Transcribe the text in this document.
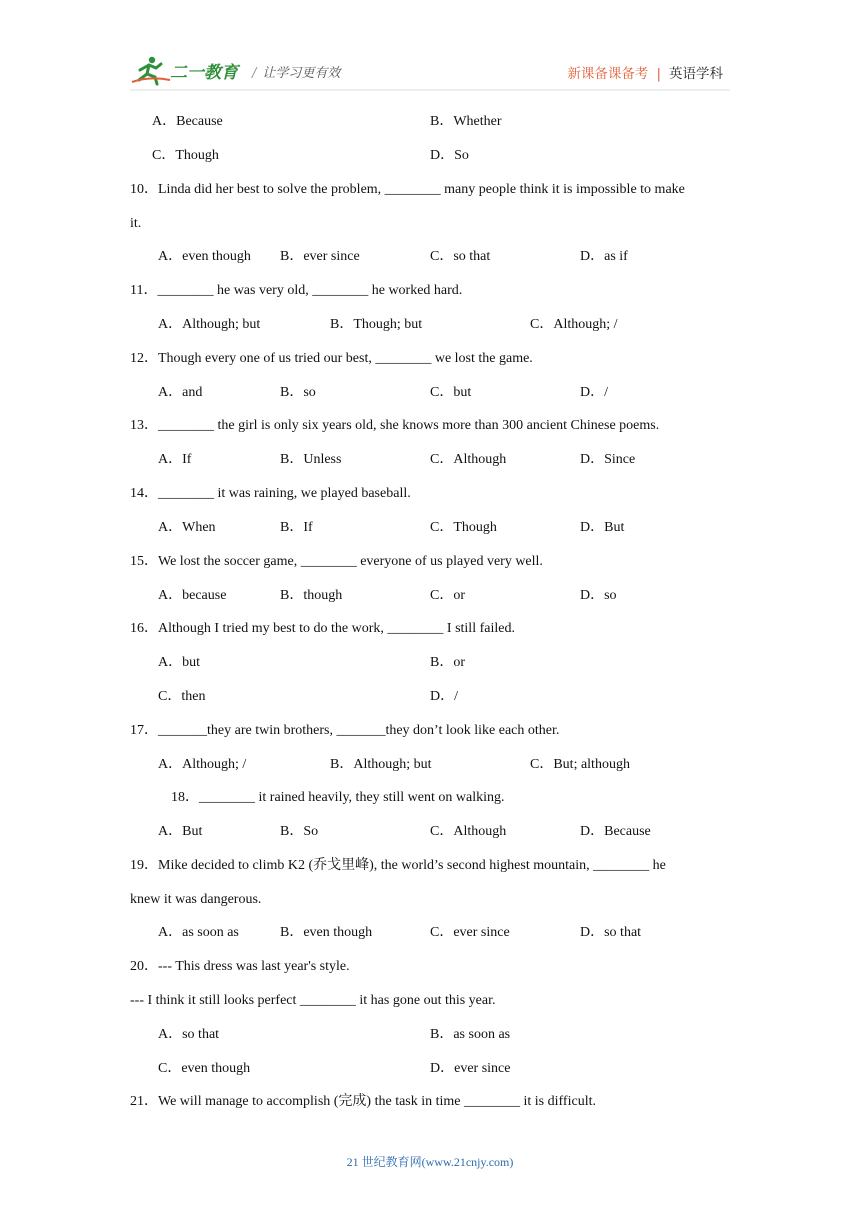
二一教育 / 让学习更有效	新课备课备考 | 英语学科
A．Because	B．Whether
C．Though	D．So
10．Linda did her best to solve the problem, ________ many people think it is impossible to make
it.
A．even though B．ever since	C．so that	D．as if
11．________ he was very old, ________ he worked hard.
A．Although; but	B．Though; but	C．Although; /
12．Though every one of us tried our best, ________ we lost the game.
A．and	B．so	C．but	D．/
13．________ the girl is only six years old, she knows more than 300 ancient Chinese poems.
A．If	B．Unless	C．Although	D．Since
14．________ it was raining, we played baseball.
A．When	B．If	C．Though	D．But
15．We lost the soccer game, ________ everyone of us played very well.
A．because	B．though	C．or	D．so
16．Although I tried my best to do the work, ________ I still failed.
A．but	B．or
C．then	D．/
17．_______they are twin brothers, _______they don’t look like each other.
A．Although; /	B．Although; but	C．But; although
18．________ it rained heavily, they still went on walking.
A．But	B．So	C．Although	D．Because
19．Mike decided to climb K2 (乔戈里峰), the world’s second highest mountain, ________ he
knew it was dangerous.
A．as soon as	B．even though	C．ever since	D．so that
20．--- This dress was last year's style.
--- I think it still looks perfect ________ it has gone out this year.
A．so that	B．as soon as
C．even though	D．ever since
21．We will manage to accomplish (完成) the task in time ________ it is difficult.
21 世纪教育网(www.21cnjy.com)
